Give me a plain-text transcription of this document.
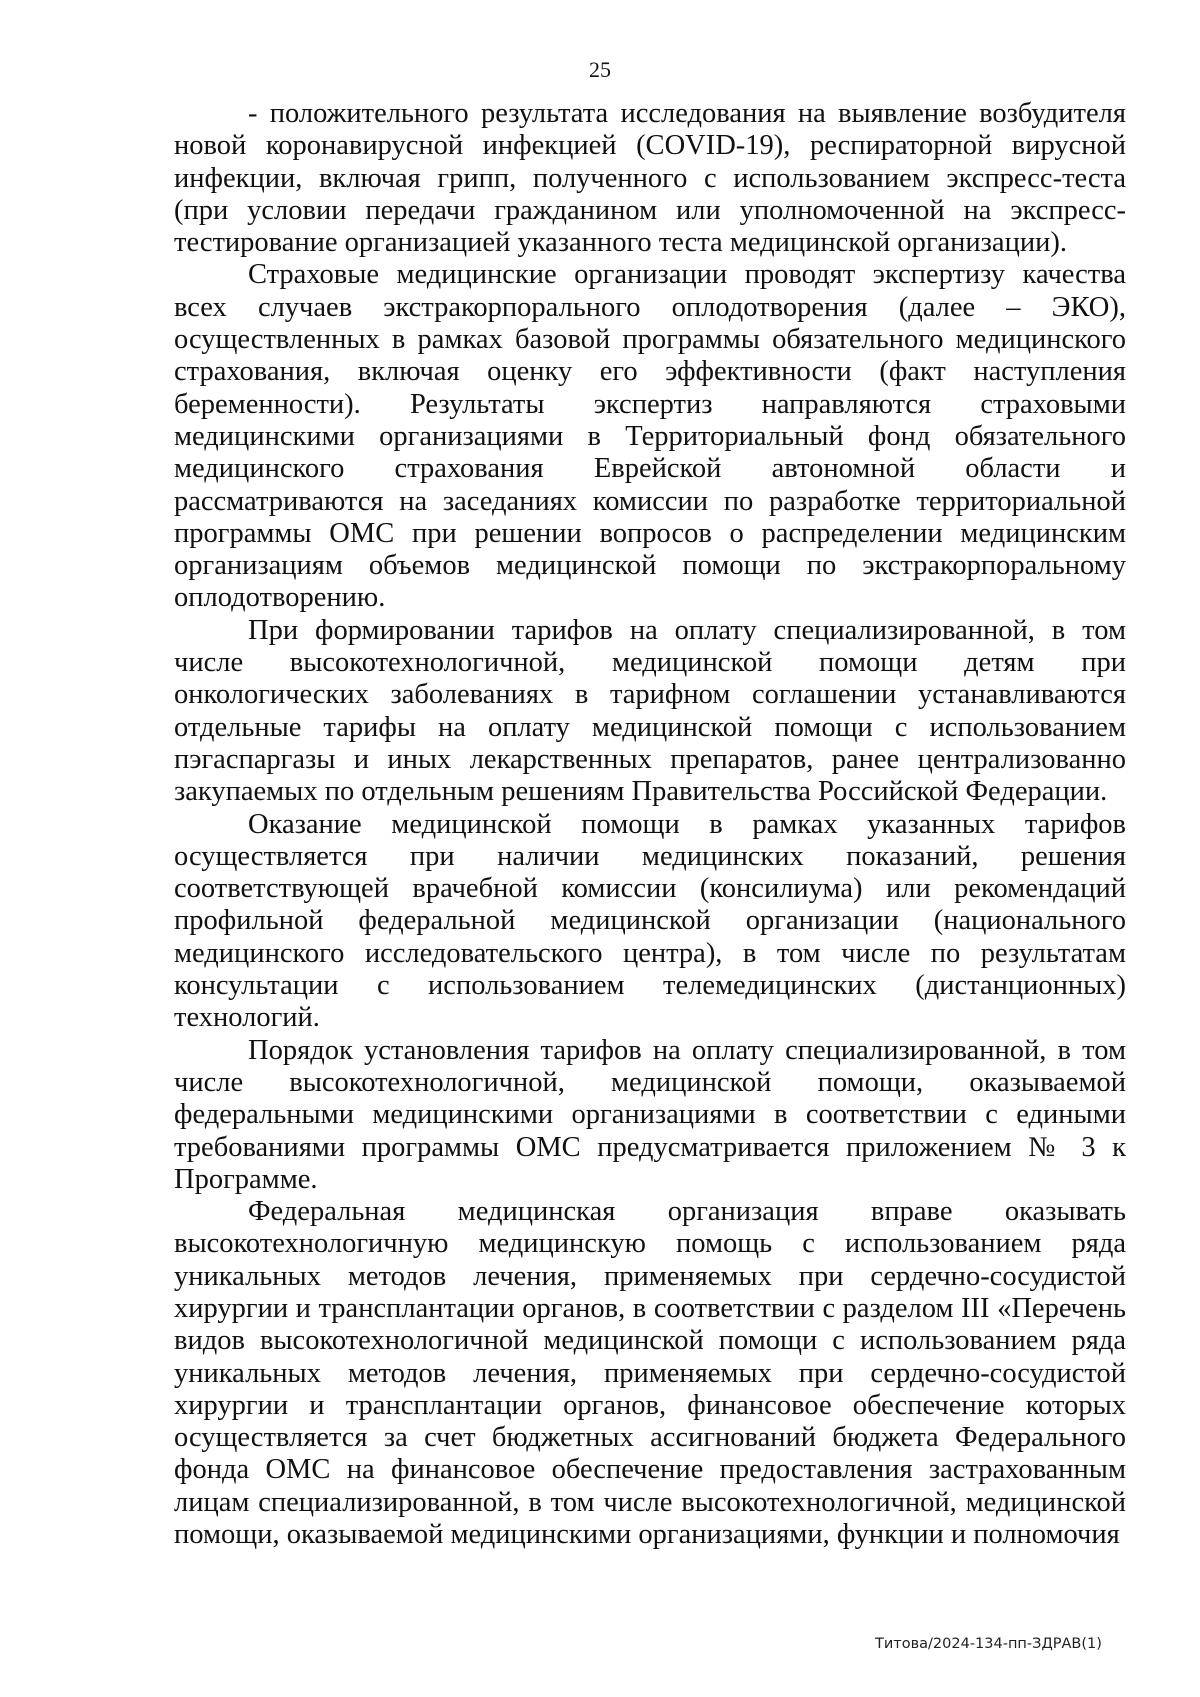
25

- положительного результата исследования на выявление возбудителя новой коронавирусной инфекцией (COVID-19), респираторной вирусной инфекции, включая грипп, полученного с использованием экспресс-теста (при условии передачи гражданином или уполномоченной на экспресс-тестирование организацией указанного теста медицинской организации).

Страховые медицинские организации проводят экспертизу качества всех случаев экстракорпорального оплодотворения (далее – ЭКО), осуществленных в рамках базовой программы обязательного медицинского страхования, включая оценку его эффективности (факт наступления беременности). Результаты экспертиз направляются страховыми медицинскими организациями в Территориальный фонд обязательного медицинского страхования Еврейской автономной области и рассматриваются на заседаниях комиссии по разработке территориальной программы ОМС при решении вопросов о распределении медицинским организациям объемов медицинской помощи по экстракорпоральному оплодотворению.

При формировании тарифов на оплату специализированной, в том числе высокотехнологичной, медицинской помощи детям при онкологических заболеваниях в тарифном соглашении устанавливаются отдельные тарифы на оплату медицинской помощи с использованием пэгаспаргазы и иных лекарственных препаратов, ранее централизованно закупаемых по отдельным решениям Правительства Российской Федерации.

Оказание медицинской помощи в рамках указанных тарифов осуществляется при наличии медицинских показаний, решения соответствующей врачебной комиссии (консилиума) или рекомендаций профильной федеральной медицинской организации (национального медицинского исследовательского центра), в том числе по результатам консультации с использованием телемедицинских (дистанционных) технологий.

Порядок установления тарифов на оплату специализированной, в том числе высокотехнологичной, медицинской помощи, оказываемой федеральными медицинскими организациями в соответствии с едиными требованиями программы ОМС предусматривается приложением № 3 к Программе.

Федеральная медицинская организация вправе оказывать высокотехнологичную медицинскую помощь с использованием ряда уникальных методов лечения, применяемых при сердечно-сосудистой хирургии и трансплантации органов, в соответствии с разделом III «Перечень видов высокотехнологичной медицинской помощи с использованием ряда уникальных методов лечения, применяемых при сердечно-сосудистой хирургии и трансплантации органов, финансовое обеспечение которых осуществляется за счет бюджетных ассигнований бюджета Федерального фонда ОМС на финансовое обеспечение предоставления застрахованным лицам специализированной, в том числе высокотехнологичной, медицинской помощи, оказываемой медицинскими организациями, функции и полномочия

Титова/2024-134-пп-ЗДРАВ(1)
